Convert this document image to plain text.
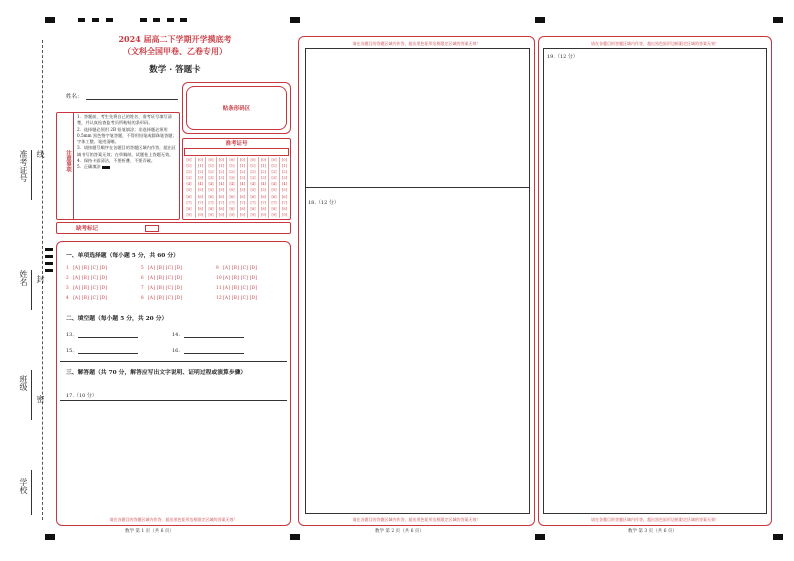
准考证号 线
姓名 封
班级
密
学校
2024 届高二下学期开学摸底考
（文科全国甲卷、乙卷专用）
数学 · 答题卡
姓名：
贴条形码区
注意事项
1．答题前，考生先将自己的姓名、准考证号填写清楚，并认真检查监考员所粘贴的条形码。
2．选择题必须用 2B 铅笔填涂；非选择题必须用 0.5mm 黑色签字笔答题，不得用铅笔或圆珠笔答题；字体工整、笔迹清晰。
3．请按题号顺序在各题目的答题区域内作答，超出区域书写的答案无效；在草稿纸、试题卷上答题无效。
4．保持卡面清洁，不要折叠、不要弄破。
5．正确填涂
准考证号
[0]
[1]
[2]
[3]
[4]
[5]
[6]
[7]
[8]
[9]
[0]
[1]
[2]
[3]
[4]
[5]
[6]
[7]
[8]
[9]
[0]
[1]
[2]
[3]
[4]
[5]
[6]
[7]
[8]
[9]
[0]
[1]
[2]
[3]
[4]
[5]
[6]
[7]
[8]
[9]
[0]
[1]
[2]
[3]
[4]
[5]
[6]
[7]
[8]
[9]
[0]
[1]
[2]
[3]
[4]
[5]
[6]
[7]
[8]
[9]
[0]
[1]
[2]
[3]
[4]
[5]
[6]
[7]
[8]
[9]
[0]
[1]
[2]
[3]
[4]
[5]
[6]
[7]
[8]
[9]
[0]
[1]
[2]
[3]
[4]
[5]
[6]
[7]
[8]
[9]
[0]
[1]
[2]
[3]
[4]
[5]
[6]
[7]
[8]
[9]
缺考标记
一、单项选择题（每小题 5 分，共 60 分）
1 [A] [B] [C] [D]
2 [A] [B] [C] [D]
3 [A] [B] [C] [D]
4 [A] [B] [C] [D]
5 [A] [B] [C] [D]
6 [A] [B] [C] [D]
7 [A] [B] [C] [D]
8 [A] [B] [C] [D]
9 [A] [B] [C] [D]
10[A] [B] [C] [D]
11[A] [B] [C] [D]
12[A] [B] [C] [D]
二、填空题（每小题 5 分，共 20 分）
13.	14.
15.	16.
三、解答题（共 70 分，解答应写出文字说明、证明过程或演算步骤）
17.（10 分）
请在各题目的答题区域内作答，超出黑色矩形边框限定区域的答案无效！
数学 第 1 页（共 6 页）
请在各题目的答题区域内作答，超出黑色矩形边框限定区域的答案无效！
18.（12 分）
请在各题目的答题区域内作答，超出黑色矩形边框限定区域的答案无效！
数学 第 2 页（共 6 页）
请在各题目的答题区域内作答，超出黑色矩形边框限定区域的答案无效！
19.（12 分）
请在各题目的答题区域内作答，超出黑色矩形边框限定区域的答案无效！
数学 第 3 页（共 6 页）
